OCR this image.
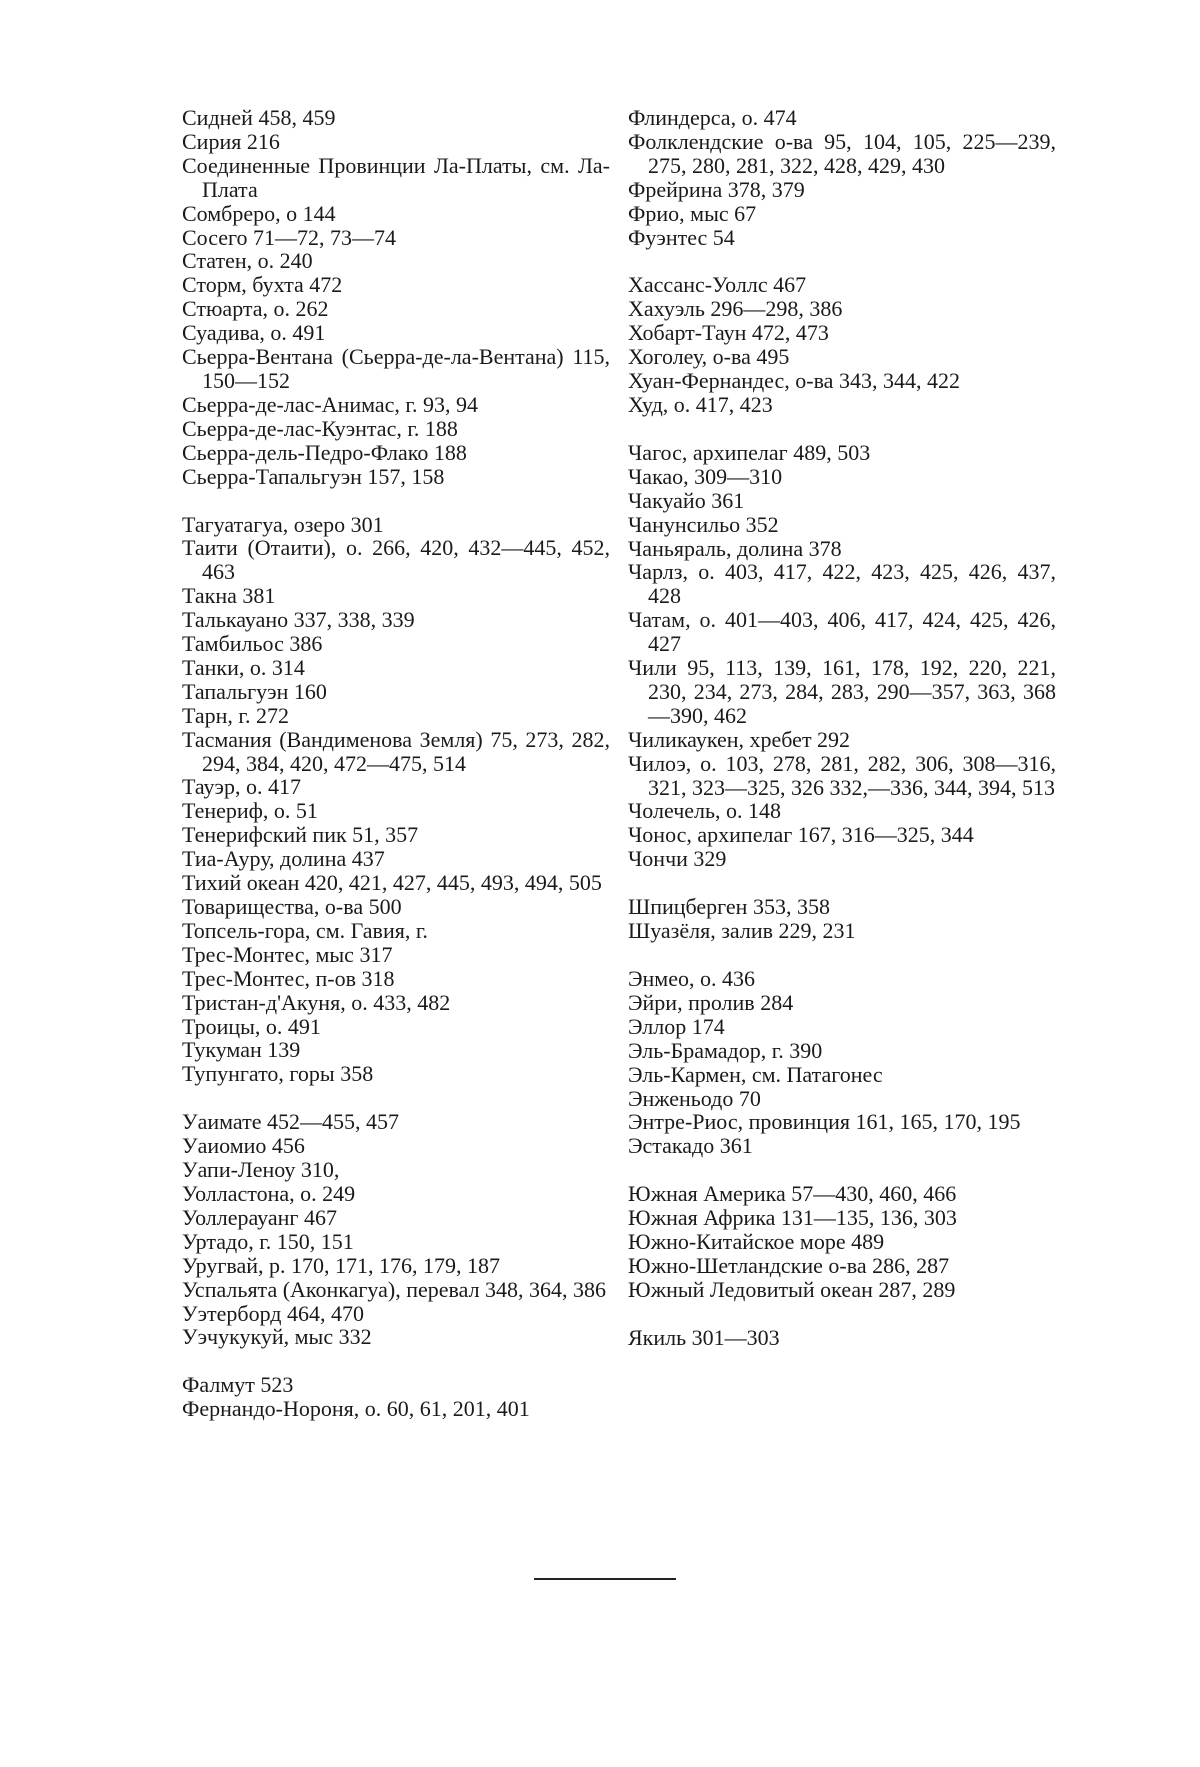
Сидней 458, 459
Сирия 216
Соединенные Провинции Ла-Платы, см. Ла-Плата
Сомбреро, о 144
Сосего 71—72, 73—74
Статен, о. 240
Сторм, бухта 472
Стюарта, о. 262
Суадива, о. 491
Сьерра-Вентана (Сьерра-де-ла-Вентана) 115, 150—152
Сьерра-де-лас-Анимас, г. 93, 94
Сьерра-де-лас-Куэнтас, г. 188
Сьерра-дель-Педро-Флако 188
Сьерра-Тапальгуэн 157, 158
Тагуатагуа, озеро 301
Таити (Отаити), о. 266, 420, 432—445, 452, 463
Такна 381
Талькауано 337, 338, 339
Тамбильос 386
Танки, о. 314
Тапальгуэн 160
Тарн, г. 272
Тасмания (Вандименова Земля) 75, 273, 282, 294, 384, 420, 472—475, 514
Тауэр, о. 417
Тенериф, о. 51
Тенерифский пик 51, 357
Тиа-Ауру, долина 437
Тихий океан 420, 421, 427, 445, 493, 494, 505
Товарищества, о-ва 500
Топсель-гора, см. Гавия, г.
Трес-Монтес, мыс 317
Трес-Монтес, п-ов 318
Тристан-д'Акуня, о. 433, 482
Троицы, о. 491
Тукуман 139
Тупунгато, горы 358
Уаимате 452—455, 457
Уаиомио 456
Уапи-Леноу 310,
Уолластона, о. 249
Уоллерауанг 467
Уртадо, г. 150, 151
Уругвай, р. 170, 171, 176, 179, 187
Успальята (Аконкагуа), перевал 348, 364, 386
Уэтерборд 464, 470
Уэчукукуй, мыс 332
Фалмут 523
Фернандо-Нороня, о. 60, 61, 201, 401
Флиндерса, о. 474
Фолклендские о-ва 95, 104, 105, 225—239, 275, 280, 281, 322, 428, 429, 430
Фрейрина 378, 379
Фрио, мыс 67
Фуэнтес 54
Хассанс-Уоллс 467
Хахуэль 296—298, 386
Хобарт-Таун 472, 473
Хоголеу, о-ва 495
Хуан-Фернандес, о-ва 343, 344, 422
Худ, о. 417, 423
Чагос, архипелаг 489, 503
Чакао, 309—310
Чакуайо 361
Чанунсильо 352
Чаньяраль, долина 378
Чарлз, о. 403, 417, 422, 423, 425, 426, 437, 428
Чатам, о. 401—403, 406, 417, 424, 425, 426, 427
Чили 95, 113, 139, 161, 178, 192, 220, 221, 230, 234, 273, 284, 283, 290—357, 363, 368—390, 462
Чиликаукен, хребет 292
Чилоэ, о. 103, 278, 281, 282, 306, 308—316, 321, 323—325, 326 332,—336, 344, 394, 513
Чолечель, о. 148
Чонос, архипелаг 167, 316—325, 344
Чончи 329
Шпицберген 353, 358
Шуазёля, залив 229, 231
Энмео, о. 436
Эйри, пролив 284
Эллор 174
Эль-Брамадор, г. 390
Эль-Кармен, см. Патагонес
Энженьодо 70
Энтре-Риос, провинция 161, 165, 170, 195
Эстакадо 361
Южная Америка 57—430, 460, 466
Южная Африка 131—135, 136, 303
Южно-Китайское море 489
Южно-Шетландские о-ва 286, 287
Южный Ледовитый океан 287, 289
Якиль 301—303
